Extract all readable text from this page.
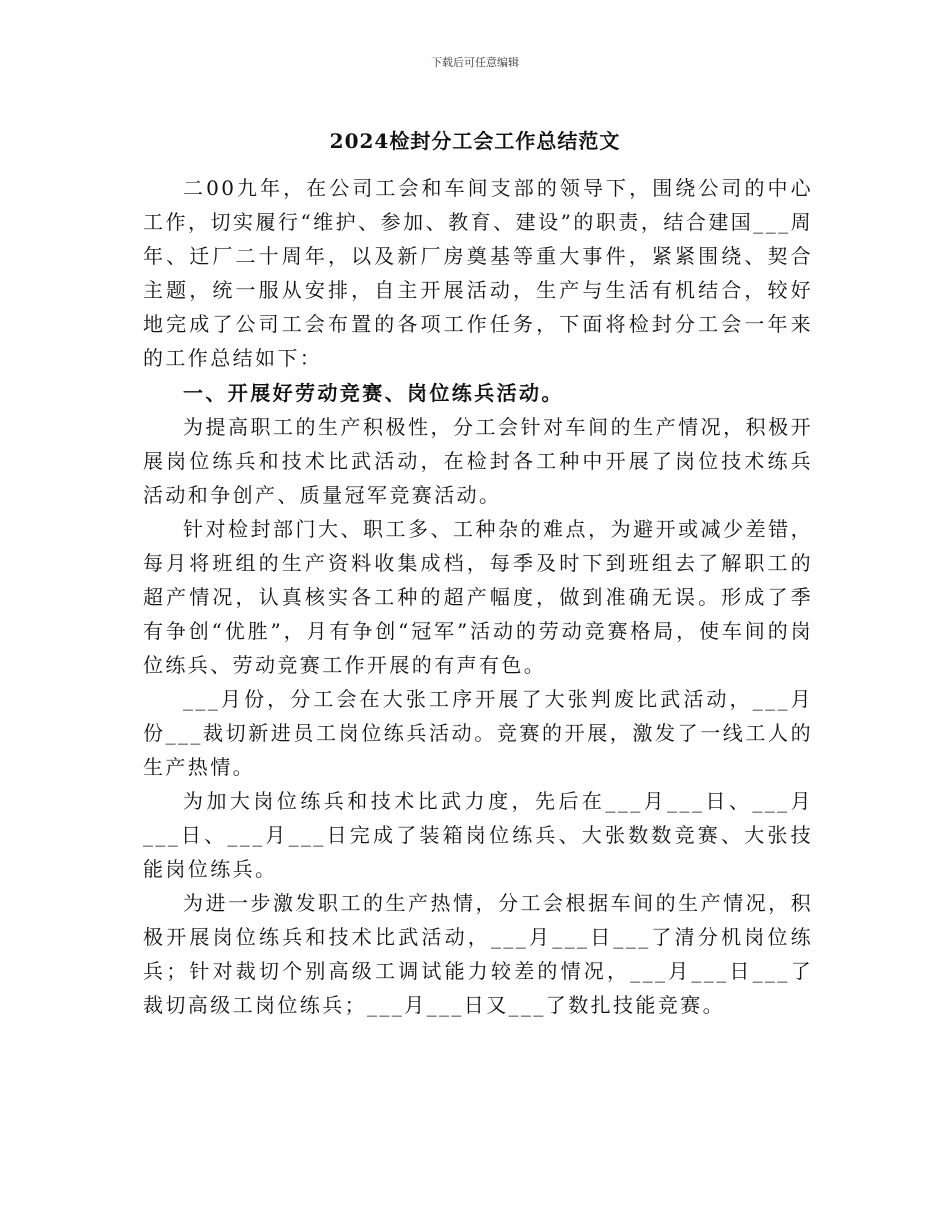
下载后可任意编辑
2024检封分工会工作总结范文

二00九年，在公司工会和车间支部的领导下，围绕公司的中心工作，切实履行“维护、参加、教育、建设”的职责，结合建国___周年、迁厂二十周年，以及新厂房奠基等重大事件，紧紧围绕、契合主题，统一服从安排，自主开展活动，生产与生活有机结合，较好地完成了公司工会布置的各项工作任务，下面将检封分工会一年来的工作总结如下：

一、开展好劳动竞赛、岗位练兵活动。

为提高职工的生产积极性，分工会针对车间的生产情况，积极开展岗位练兵和技术比武活动，在检封各工种中开展了岗位技术练兵活动和争创产、质量冠军竞赛活动。

针对检封部门大、职工多、工种杂的难点，为避开或减少差错，每月将班组的生产资料收集成档，每季及时下到班组去了解职工的超产情况，认真核实各工种的超产幅度，做到准确无误。形成了季有争创“优胜”，月有争创“冠军”活动的劳动竞赛格局，使车间的岗位练兵、劳动竞赛工作开展的有声有色。

___月份，分工会在大张工序开展了大张判废比武活动，___月份___裁切新进员工岗位练兵活动。竞赛的开展，激发了一线工人的生产热情。

为加大岗位练兵和技术比武力度，先后在___月___日、___月___日、___月___日完成了装箱岗位练兵、大张数数竞赛、大张技能岗位练兵。

为进一步激发职工的生产热情，分工会根据车间的生产情况，积极开展岗位练兵和技术比武活动，___月___日___了清分机岗位练兵；针对裁切个别高级工调试能力较差的情况，___月___日___了裁切高级工岗位练兵；___月___日又___了数扎技能竞赛。
